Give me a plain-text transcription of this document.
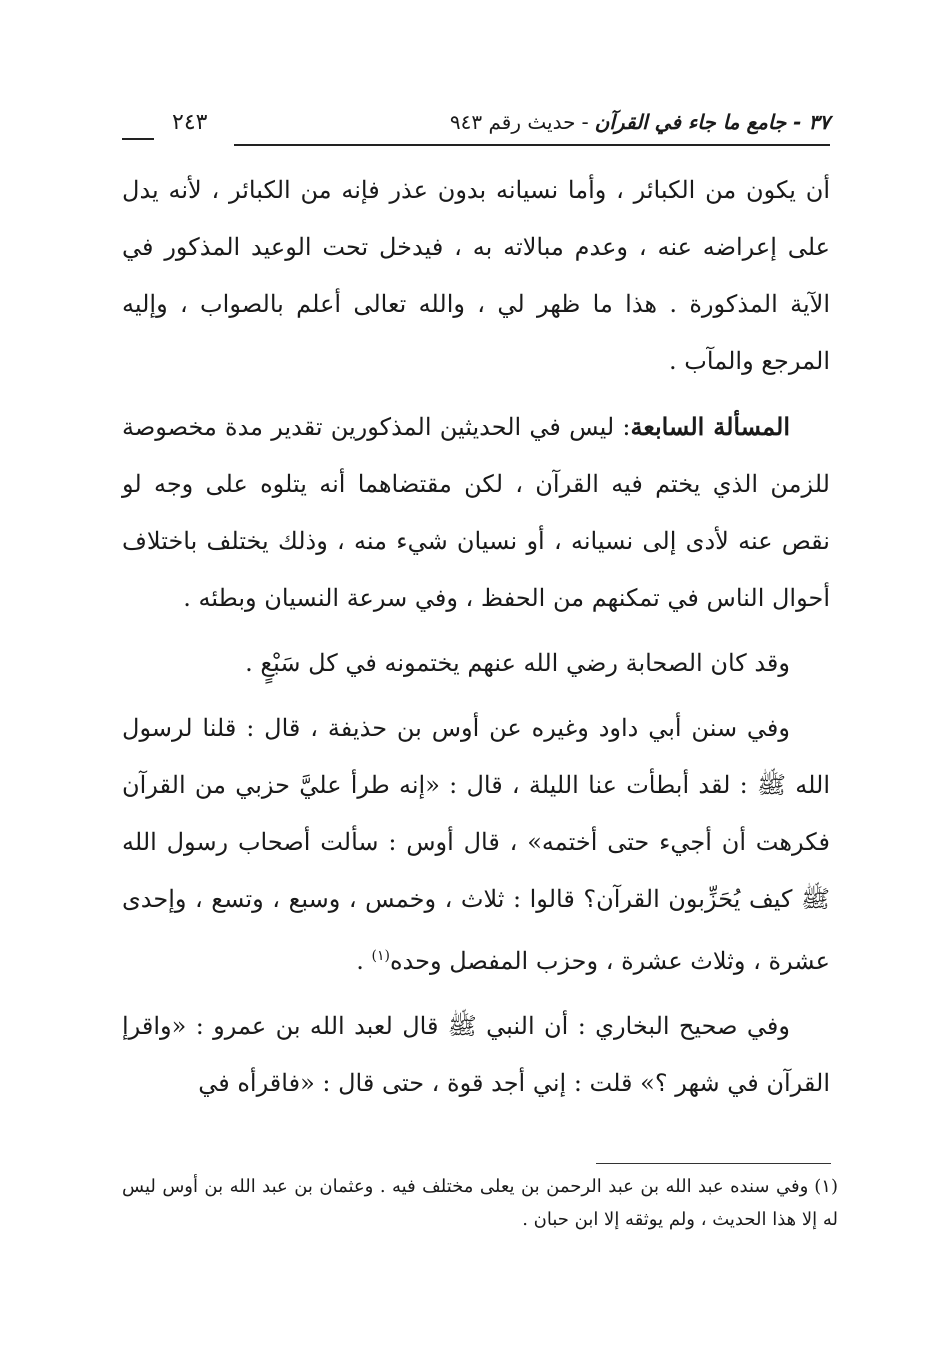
٣٧ - جامع ما جاء في القرآن-حديث رقم ٩٤٣
٢٤٣

أن يكون من الكبائر ، وأما نسيانه بدون عذر فإنه من الكبائر ، لأنه يدل على إعراضه عنه ، وعدم مبالاته به ، فيدخل تحت الوعيد المذكور في الآية المذكورة . هذا ما ظهر لي ، والله تعالى أعلم بالصواب ، وإليه المرجع والمآب .

المسألة السابعة: ليس في الحديثين المذكورين تقدير مدة مخصوصة للزمن الذي يختم فيه القرآن ، لكن مقتضاهما أنه يتلوه على وجه لو نقص عنه لأدى إلى نسيانه ، أو نسيان شيء منه ، وذلك يختلف باختلاف أحوال الناس في تمكنهم من الحفظ ، وفي سرعة النسيان وبطئه .

وقد كان الصحابة رضي الله عنهم يختمونه في كل سَبْعٍ .

وفي سنن أبي داود وغيره عن أوس بن حذيفة ، قال : قلنا لرسول الله ﷺ : لقد أبطأت عنا الليلة ، قال : «إنه طرأ عليَّ حزبي من القرآن فكرهت أن أجيء حتى أختمه» ، قال أوس : سألت أصحاب رسول الله ﷺ كيف يُحَزِّبون القرآن؟ قالوا : ثلاث ، وخمس ، وسبع ، وتسع ، وإحدى عشرة ، وثلاث عشرة ، وحزب المفصل وحده$^{(١)}$ .

وفي صحيح البخاري : أن النبي ﷺ قال لعبد الله بن عمرو : «واقرإ القرآن في شهر ؟» قلت : إني أجد قوة ، حتى قال : «فاقرأه في

(١)وفي سنده عبد الله بن عبد الرحمن بن يعلى مختلف فيه . وعثمان بن عبد الله بن أوس ليس له إلا هذا الحديث ، ولم يوثقه إلا ابن حبان .
